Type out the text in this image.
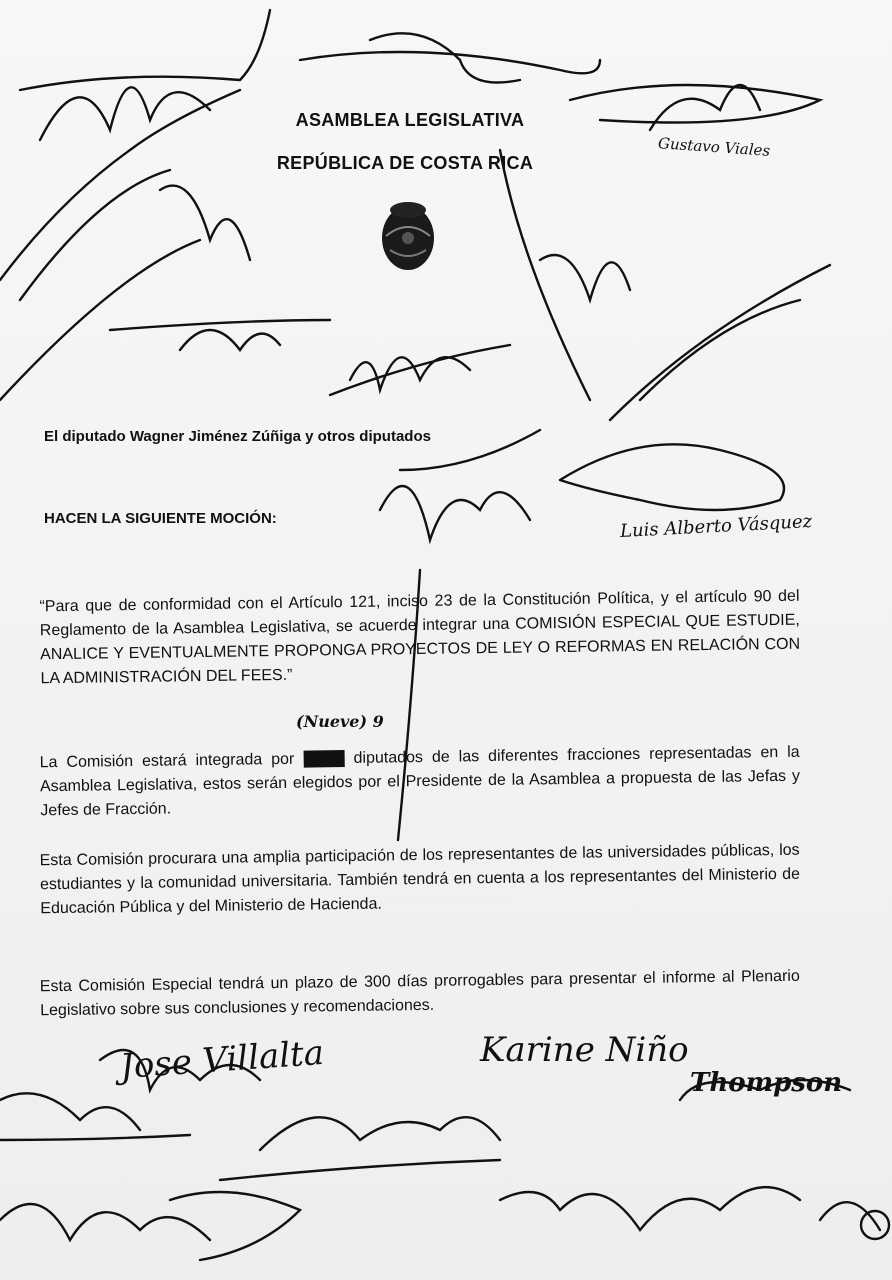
ASAMBLEA LEGISLATIVA
REPÚBLICA DE COSTA RICA
El diputado Wagner Jiménez Zúñiga y otros diputados
HACEN LA SIGUIENTE MOCIÓN:
“Para que de conformidad con el Artículo 121, inciso 23 de la Constitución Política, y el artículo 90 del Reglamento de la Asamblea Legislativa, se acuerde integrar una COMISIÓN ESPECIAL QUE ESTUDIE, ANALICE Y EVENTUALMENTE PROPONGA PROYECTOS DE LEY O REFORMAS EN RELACIÓN CON LA ADMINISTRACIÓN DEL FEES.”
La Comisión estará integrada por cinco diputados de las diferentes fracciones representadas en la Asamblea Legislativa, estos serán elegidos por el Presidente de la Asamblea a propuesta de las Jefas y Jefes de Fracción.
Esta Comisión procurara una amplia participación de los representantes de las universidades públicas, los estudiantes y la comunidad universitaria. También tendrá en cuenta a los representantes del Ministerio de Educación Pública y del Ministerio de Hacienda.
Esta Comisión Especial tendrá un plazo de 300 días prorrogables para presentar el informe al Plenario Legislativo sobre sus conclusiones y recomendaciones.
(Nueve) 9
Jose Villalta	Karine Niño
Thompson
Luis Alberto Vásquez
Gustavo Viales
